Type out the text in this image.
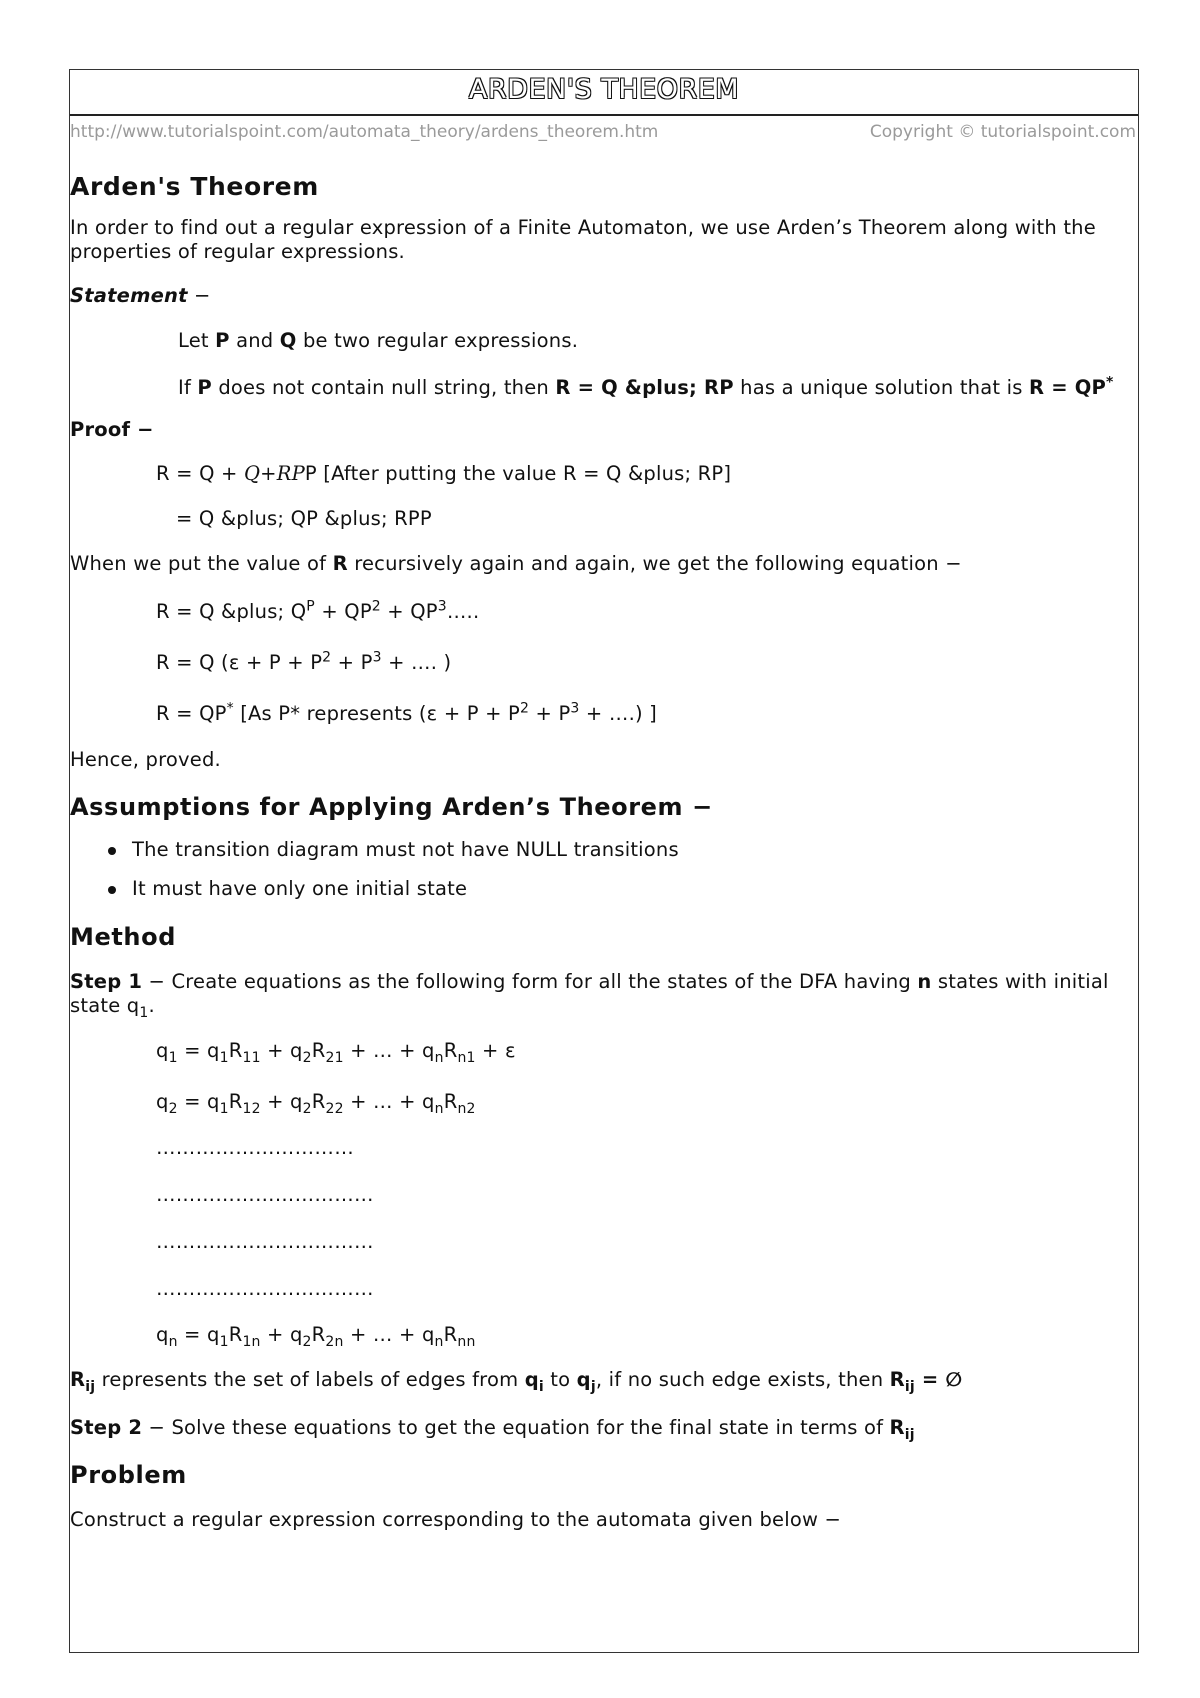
ARDEN'S THEOREM
http://www.tutorialspoint.com/automata_theory/ardens_theorem.htm	Copyright © tutorialspoint.com
Arden's Theorem

In order to find out a regular expression of a Finite Automaton, we use Arden’s Theorem along with the properties of regular expressions.

Statement −

Let P and Q be two regular expressions.

If P does not contain null string, then R = Q &plus; RP has a unique solution that is R = QP*

Proof −

R = Q + Q+RPP [After putting the value R = Q &plus; RP]

= Q &plus; QP &plus; RPP

When we put the value of R recursively again and again, we get the following equation −

R = Q &plus; $Q^P + QP^2$ + $QP^3\dots$..

R = Q ($\varepsilon + P + P^2 + P^3$ + …. )

R = QP* [As P* represents ($\varepsilon + P + P^2 + P^3$ + ….) ]

Hence, proved.

Assumptions for Applying Arden’s Theorem −
The transition diagram must not have NULL transitions
It must have only one initial state
Method

Step 1 − Create equations as the following form for all the states of the DFA having n states with initial state $q_1$.

$q_1 = q_1R_{11} + q_2R_{21}$ + … + $q_nR_{n1} + \varepsilon$

$q_2 = q_1R_{12} + q_2R_{22}$ + … + $q_nR_{n2}$

…………………………

……………………………

……………………………

……………………………

$q_n = q_1R_{1n} + q_2R_{2n}$ + … + $q_nR_{nn}$

$R_{ij}$ represents the set of labels of edges from $q_i$ to $q_j$, if no such edge exists, then $R_{ij}$ = ∅

Step 2 − Solve these equations to get the equation for the final state in terms of $R_{ij}$

Problem

Construct a regular expression corresponding to the automata given below −
